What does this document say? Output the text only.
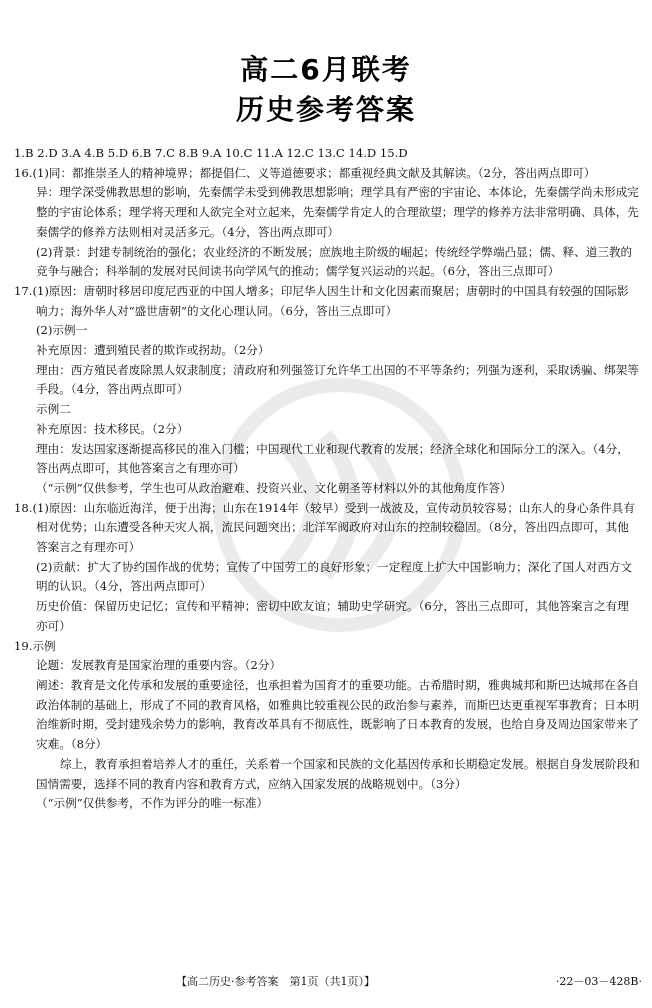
高二6月联考
历史参考答案

1.B 2.D 3.A 4.B 5.D 6.B 7.C 8.B 9.A 10.C 11.A 12.C 13.C 14.D 15.D

16.(1)同：都推崇圣人的精神境界；都提倡仁、义等道德要求；都重视经典文献及其解读。（2分，答出两点即可）

异：理学深受佛教思想的影响，先秦儒学未受到佛教思想影响；理学具有严密的宇宙论、本体论，先秦儒学尚未形成完整的宇宙论体系；理学将天理和人欲完全对立起来，先秦儒学肯定人的合理欲望；理学的修养方法非常明确、具体，先秦儒学的修养方法则相对灵活多元。（4分，答出两点即可）

(2)背景：封建专制统治的强化；农业经济的不断发展；庶族地主阶级的崛起；传统经学弊端凸显；儒、释、道三教的竞争与融合；科举制的发展对民间读书向学风气的推动；儒学复兴运动的兴起。（6分，答出三点即可）

17.(1)原因：唐朝时移居印度尼西亚的中国人增多；印尼华人因生计和文化因素而聚居；唐朝时的中国具有较强的国际影响力；海外华人对“盛世唐朝”的文化心理认同。（6分，答出三点即可）

(2)示例一

补充原因：遭到殖民者的欺诈或拐劫。（2分）

理由：西方殖民者废除黑人奴隶制度；清政府和列强签订允许华工出国的不平等条约；列强为逐利，采取诱骗、绑架等手段。（4分，答出两点即可）

示例二

补充原因：技术移民。（2分）

理由：发达国家逐渐提高移民的准入门槛；中国现代工业和现代教育的发展；经济全球化和国际分工的深入。（4分，答出两点即可，其他答案言之有理亦可）

（“示例”仅供参考，学生也可从政治避难、投资兴业、文化朝圣等材料以外的其他角度作答）

18.(1)原因：山东临近海洋，便于出海；山东在1914年（较早）受到一战波及，宣传动员较容易；山东人的身心条件具有相对优势；山东遭受各种天灾人祸，流民问题突出；北洋军阀政府对山东的控制较稳固。（8分，答出四点即可，其他答案言之有理亦可）

(2)贡献：扩大了协约国作战的优势；宣传了中国劳工的良好形象；一定程度上扩大中国影响力；深化了国人对西方文明的认识。（4分，答出两点即可）

历史价值：保留历史记忆；宣传和平精神；密切中欧友谊；辅助史学研究。（6分，答出三点即可，其他答案言之有理亦可）

19.示例

论题：发展教育是国家治理的重要内容。（2分）

阐述：教育是文化传承和发展的重要途径，也承担着为国育才的重要功能。古希腊时期，雅典城邦和斯巴达城邦在各自政治体制的基础上，形成了不同的教育风格，如雅典比较重视公民的政治参与素养，而斯巴达更重视军事教育；日本明治维新时期，受封建残余势力的影响，教育改革具有不彻底性，既影响了日本教育的发展，也给自身及周边国家带来了灾难。（8分）

综上，教育承担着培养人才的重任，关系着一个国家和民族的文化基因传承和长期稳定发展。根据自身发展阶段和国情需要，选择不同的教育内容和教育方式，应纳入国家发展的战略规划中。（3分）

（“示例”仅供参考，不作为评分的唯一标准）

【高二历史·参考答案　第1页（共1页）】	·22－03－428B·
